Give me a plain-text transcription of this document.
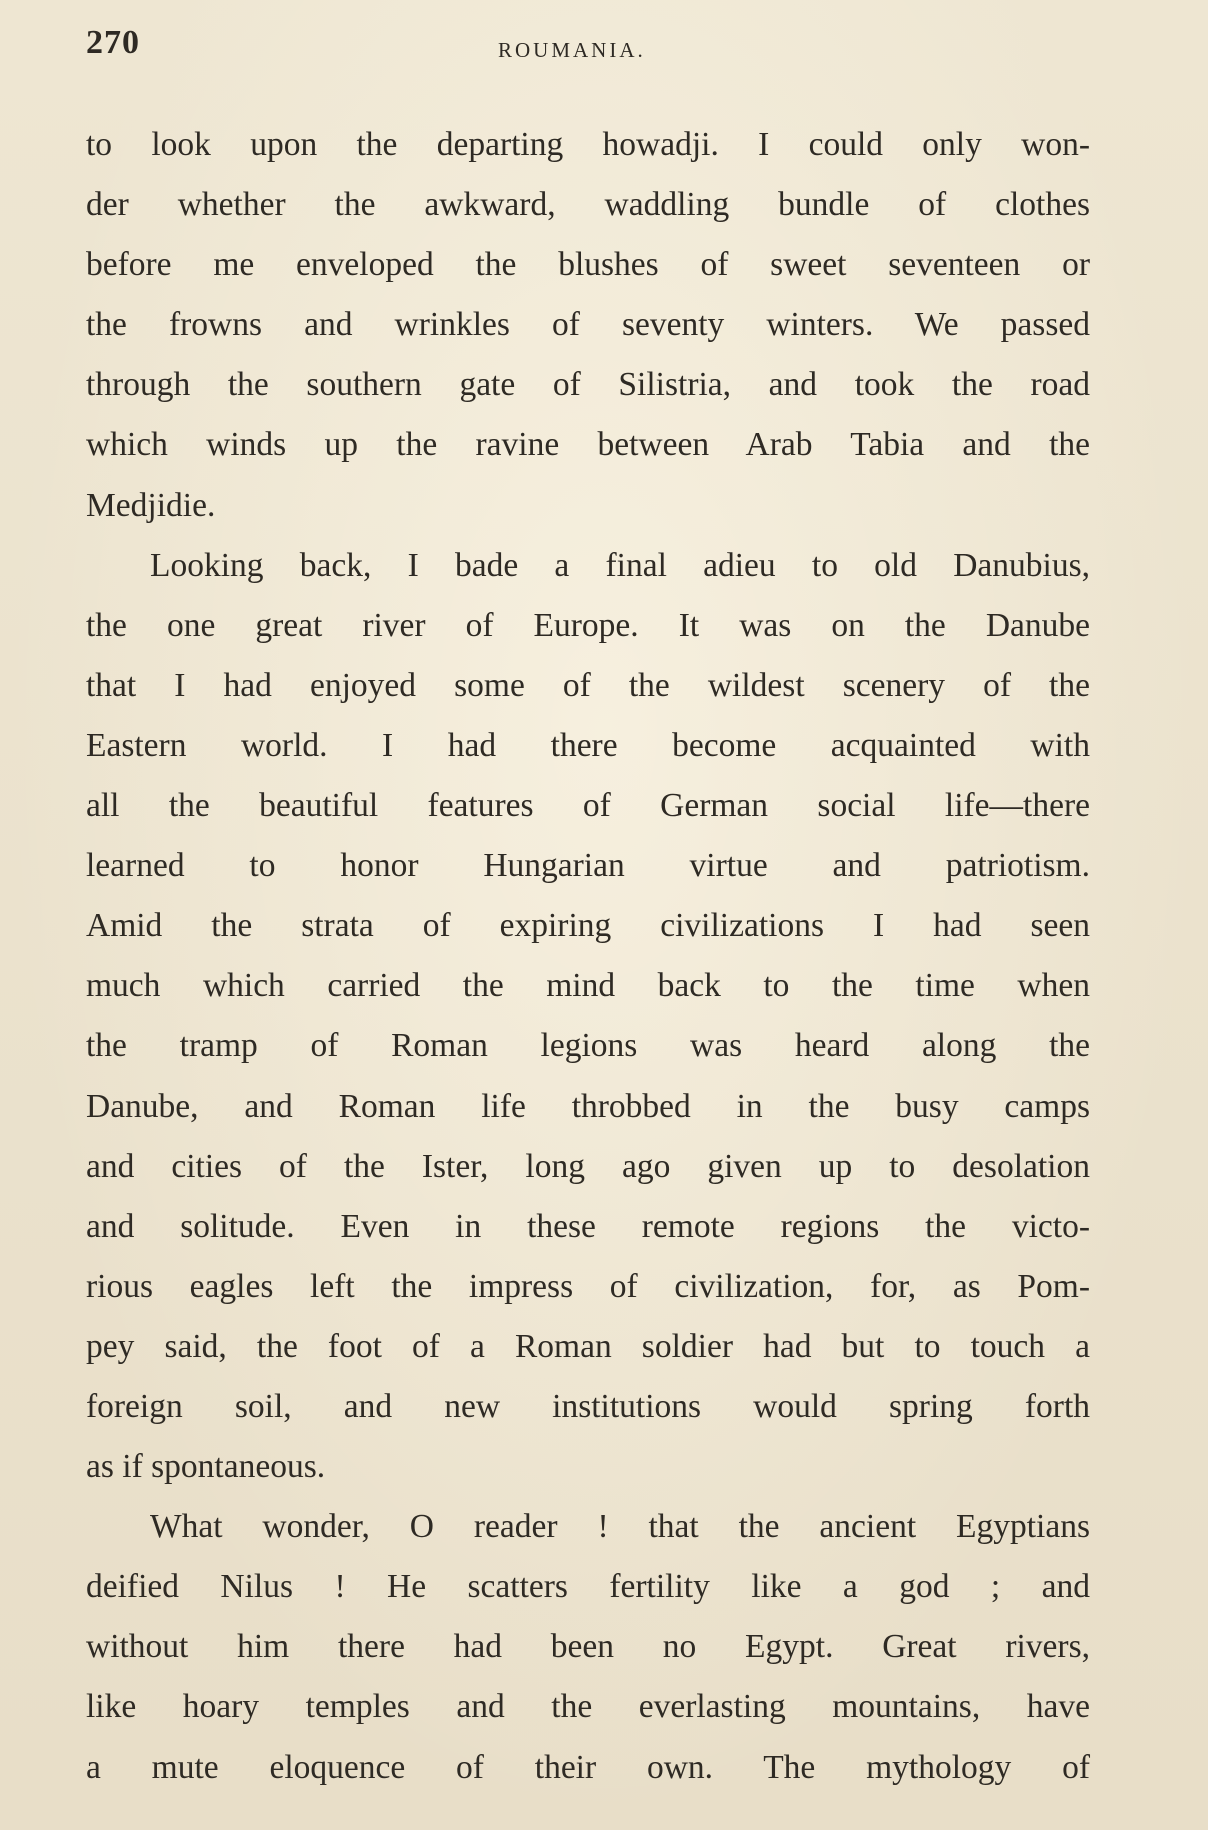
270	ROUMANIA.
to look upon the departing howadji. I could only won-
der whether the awkward, waddling bundle of clothes
before me enveloped the blushes of sweet seventeen or
the frowns and wrinkles of seventy winters. We passed
through the southern gate of Silistria, and took the road
which winds up the ravine between Arab Tabia and the
Medjidie.
Looking back, I bade a final adieu to old Danubius,
the one great river of Europe. It was on the Danube
that I had enjoyed some of the wildest scenery of the
Eastern world. I had there become acquainted with
all the beautiful features of German social life—there
learned to honor Hungarian virtue and patriotism.
Amid the strata of expiring civilizations I had seen
much which carried the mind back to the time when
the tramp of Roman legions was heard along the
Danube, and Roman life throbbed in the busy camps
and cities of the Ister, long ago given up to desolation
and solitude. Even in these remote regions the victo-
rious eagles left the impress of civilization, for, as Pom-
pey said, the foot of a Roman soldier had but to touch a
foreign soil, and new institutions would spring forth
as if spontaneous.
What wonder, O reader ! that the ancient Egyptians
deified Nilus ! He scatters fertility like a god ; and
without him there had been no Egypt. Great rivers,
like hoary temples and the everlasting mountains, have
a mute eloquence of their own. The mythology of
